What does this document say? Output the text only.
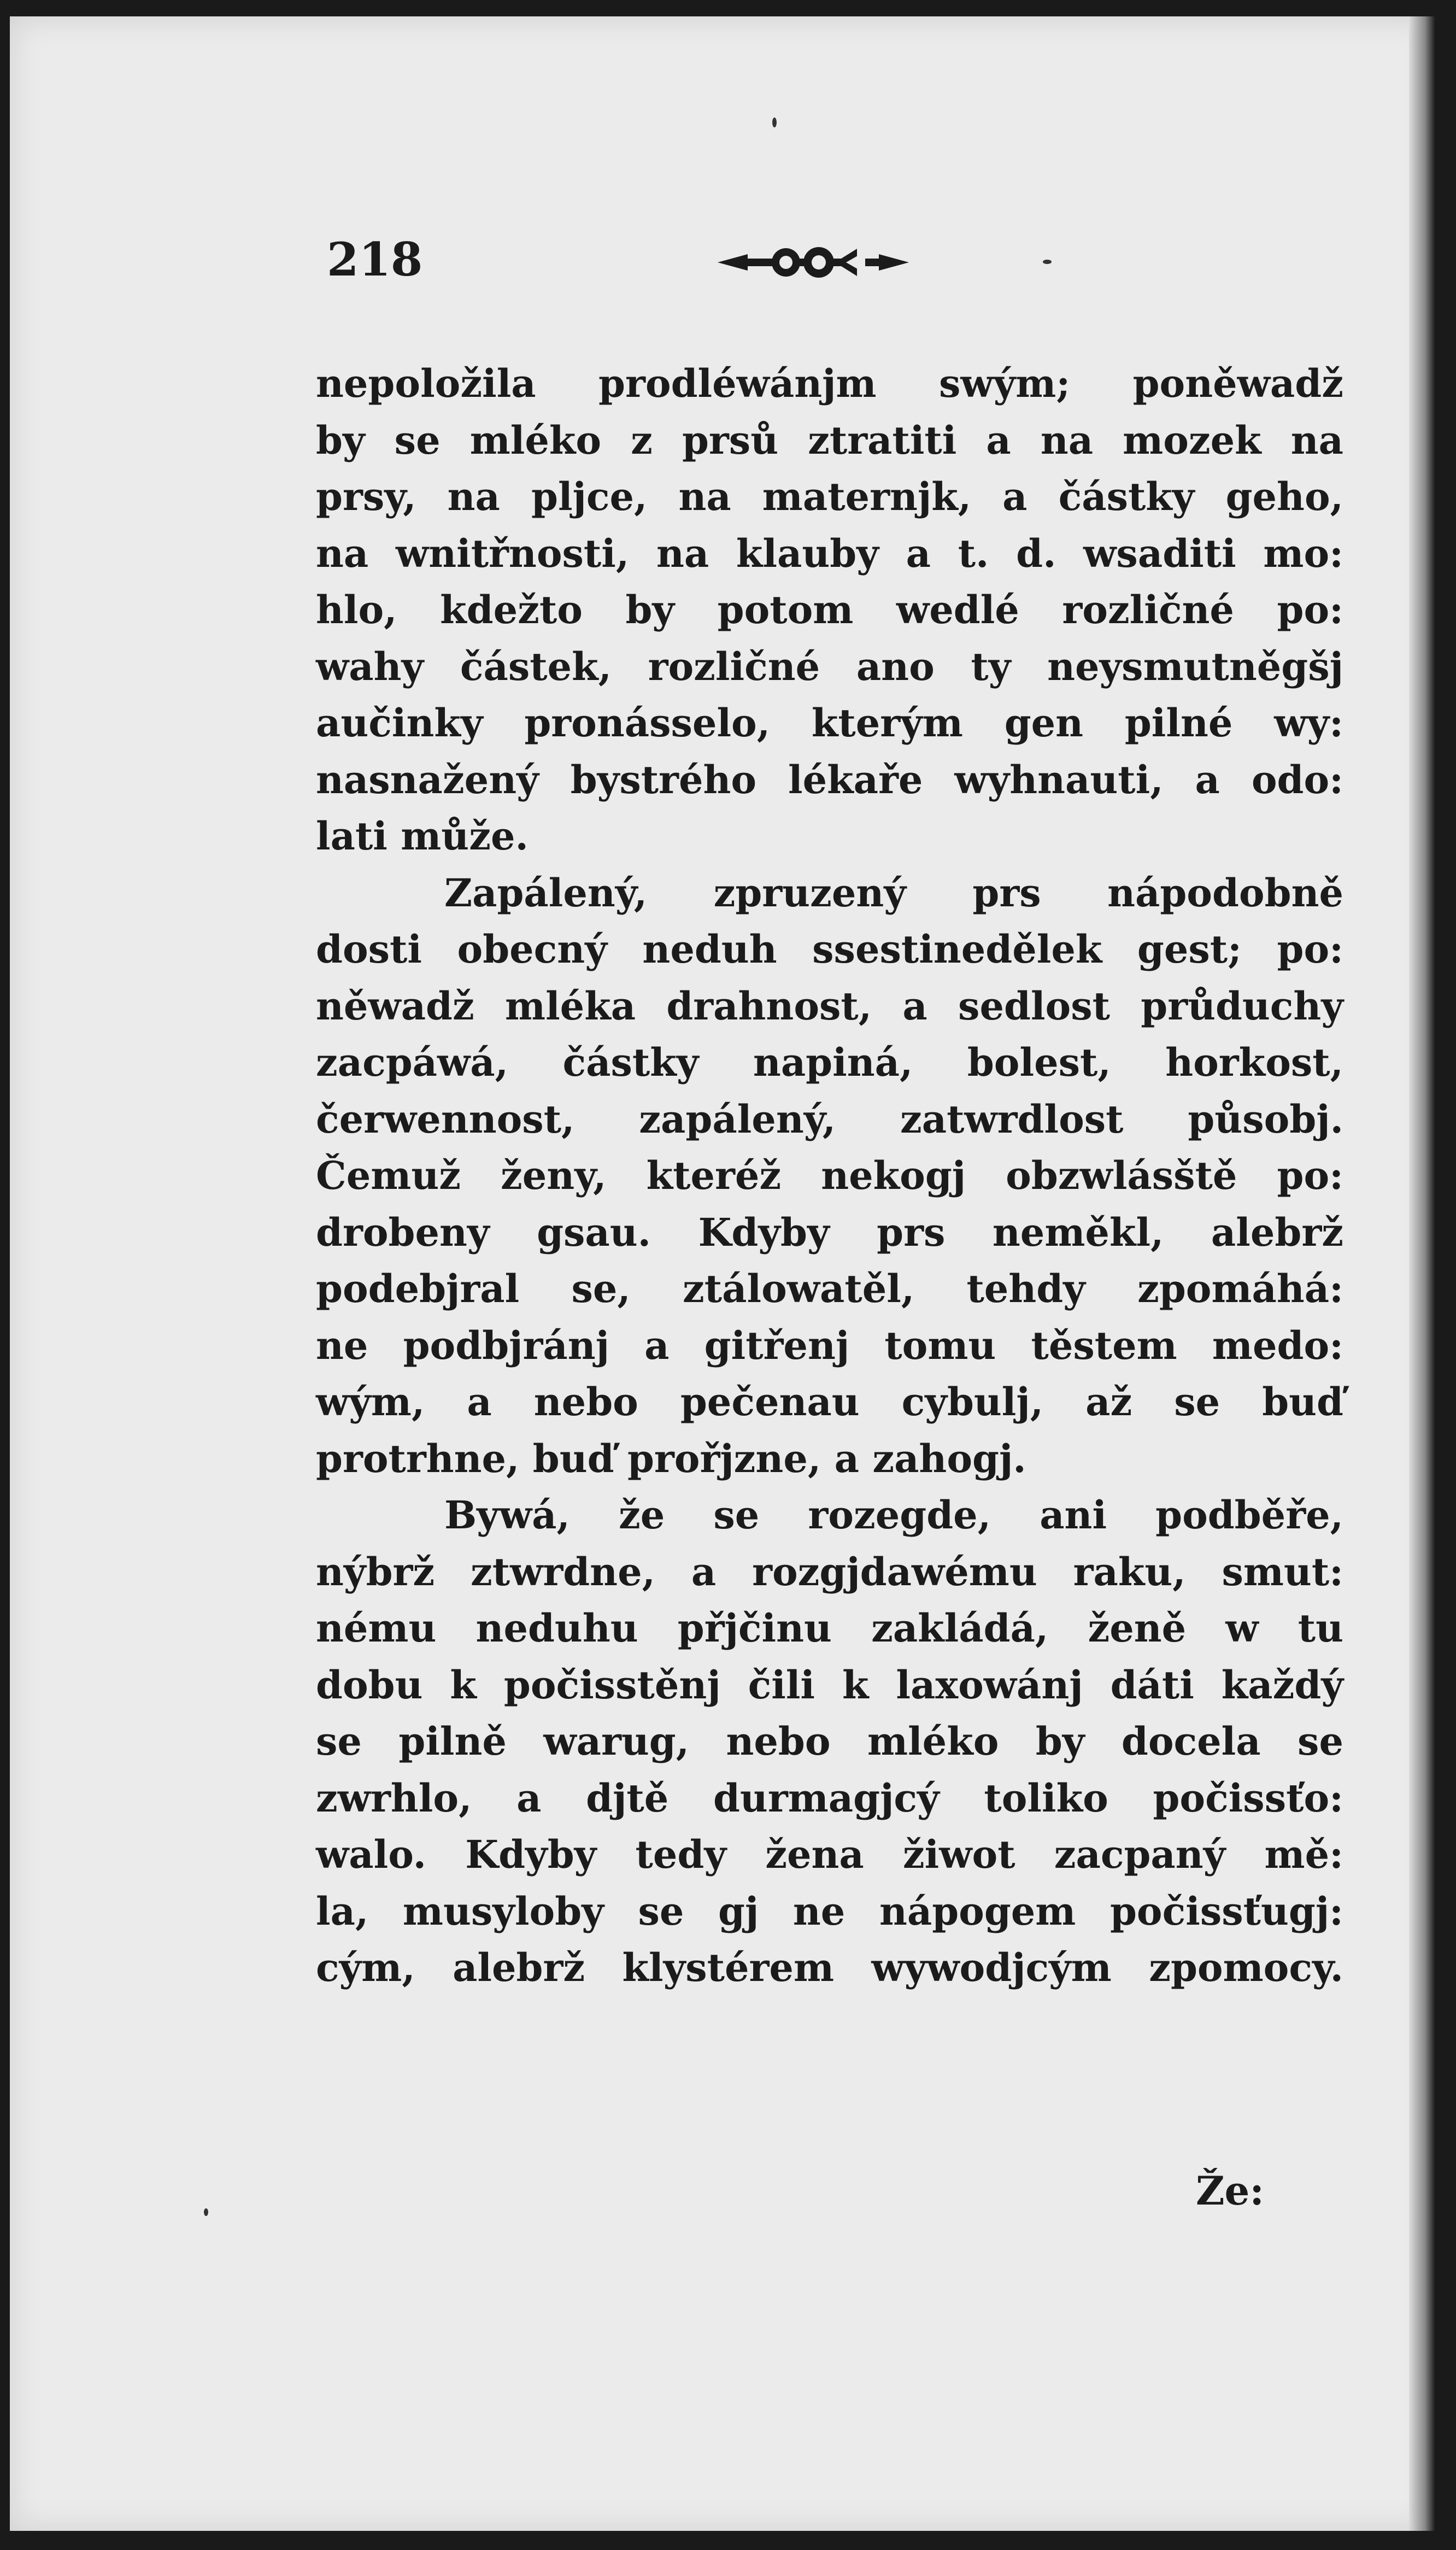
218
nepoložila prodléwánjm swým; poněwadž
by se mléko z prsů ztratiti a na mozek na
prsy, na pljce, na maternjk, a částky geho,
na wnitřnosti, na klauby a t. d. wsaditi mo:
hlo, kdežto by potom wedlé rozličné po:
wahy částek, rozličné ano ty neysmutněgšj
aučinky pronásselo, kterým gen pilné wy:
nasnažený bystrého lékaře wyhnauti, a odo:
lati může.
Zapálený, zpruzený prs nápodobně
dosti obecný neduh ssestinedělek gest; po:
něwadž mléka drahnost, a sedlost průduchy
zacpáwá, částky napiná, bolest, horkost,
čerwennost, zapálený, zatwrdlost působj.
Čemuž ženy, kteréž nekogj obzwlásště po:
drobeny gsau. Kdyby prs neměkl, alebrž
podebjral se, ztálowatěl, tehdy zpomáhá:
ne podbjránj a gitřenj tomu těstem medo:
wým, a nebo pečenau cybulj, až se buď
protrhne, buď prořjzne, a zahogj.
Bywá, že se rozegde, ani podběře,
nýbrž ztwrdne, a rozgjdawému raku, smut:
nému neduhu přjčinu zakládá, ženě w tu
dobu k počisstěnj čili k laxowánj dáti každý
se pilně warug, nebo mléko by docela se
zwrhlo, a djtě durmagjcý toliko počissťo:
walo. Kdyby tedy žena žiwot zacpaný mě:
la, musyloby se gj ne nápogem počissťugj:
cým, alebrž klystérem wywodjcým zpomocy.
Že:
